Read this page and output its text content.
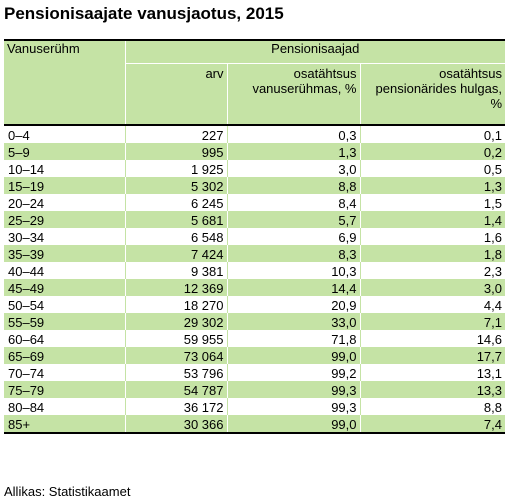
Pensionisaajate vanusjaotus, 2015
Vanuserühm	Pensionisaajad		
	arv	osatähtsus vanuserühmas, %	osatähtsus pensionärides hulgas, %
0–4	227	0,3	0,1
5–9	995	1,3	0,2
10–14	1 925	3,0	0,5
15–19	5 302	8,8	1,3
20–24	6 245	8,4	1,5
25–29	5 681	5,7	1,4
30–34	6 548	6,9	1,6
35–39	7 424	8,3	1,8
40–44	9 381	10,3	2,3
45–49	12 369	14,4	3,0
50–54	18 270	20,9	4,4
55–59	29 302	33,0	7,1
60–64	59 955	71,8	14,6
65–69	73 064	99,0	17,7
70–74	53 796	99,2	13,1
75–79	54 787	99,3	13,3
80–84	36 172	99,3	8,8
85+	30 366	99,0	7,4
Allikas: Statistikaamet
